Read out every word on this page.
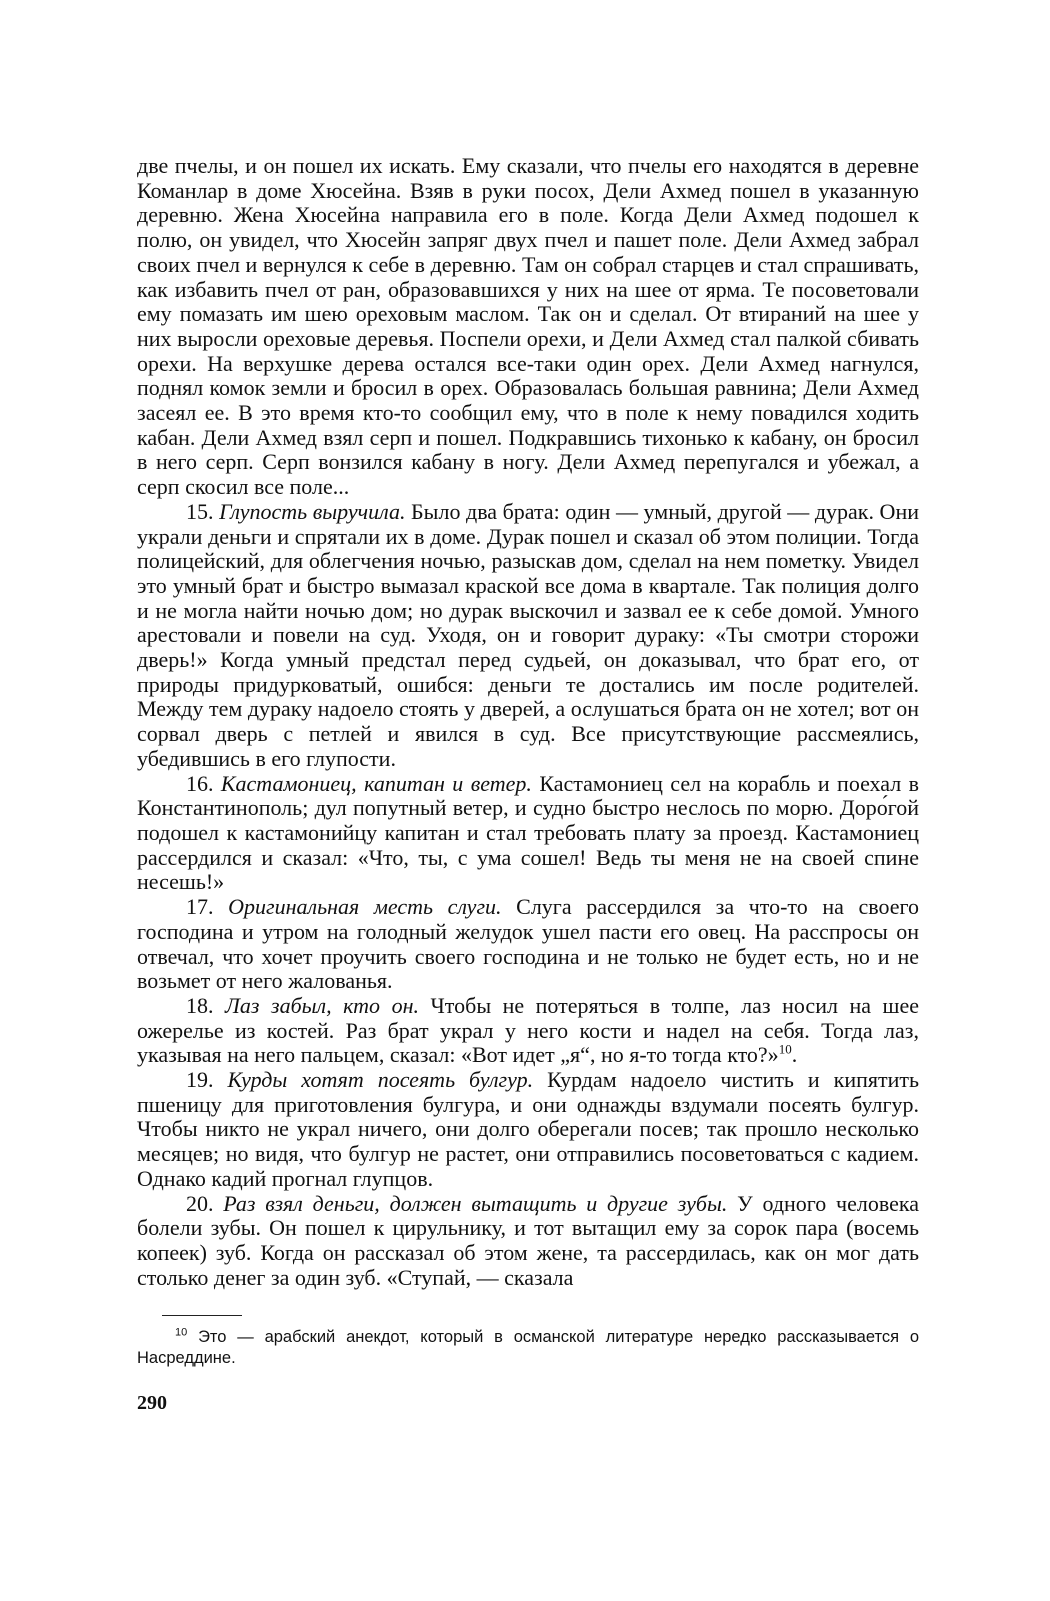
две пчелы, и он пошел их искать. Ему сказали, что пчелы его находятся в деревне Команлар в доме Хюсейна. Взяв в руки посох, Дели Ахмед пошел в указанную деревню. Жена Хюсейна направила его в поле. Когда Дели Ахмед подошел к полю, он увидел, что Хюсейн запряг двух пчел и пашет поле. Дели Ахмед забрал своих пчел и вернулся к себе в деревню. Там он собрал старцев и стал спрашивать, как избавить пчел от ран, образовавшихся у них на шее от ярма. Те посоветовали ему помазать им шею ореховым маслом. Так он и сделал. От втираний на шее у них выросли ореховые деревья. Поспели орехи, и Дели Ахмед стал палкой сбивать орехи. На верхушке дерева остался все-таки один орех. Дели Ахмед нагнулся, поднял комок земли и бросил в орех. Образовалась большая равнина; Дели Ахмед засеял ее. В это время кто-то сообщил ему, что в поле к нему повадился ходить кабан. Дели Ахмед взял серп и пошел. Подкравшись тихонько к кабану, он бросил в него серп. Серп вонзился кабану в ногу. Дели Ахмед перепугался и убежал, а серп скосил все поле...

15. Глупость выручила. Было два брата: один — умный, другой — дурак. Они украли деньги и спрятали их в доме. Дурак пошел и сказал об этом полиции. Тогда полицейский, для облегчения ночью, разыскав дом, сделал на нем пометку. Увидел это умный брат и быстро вымазал краской все дома в квартале. Так полиция долго и не могла найти ночью дом; но дурак выскочил и зазвал ее к себе домой. Умного арестовали и повели на суд. Уходя, он и говорит дураку: «Ты смотри сторожи дверь!» Когда умный предстал перед судьей, он доказывал, что брат его, от природы придурковатый, ошибся: деньги те достались им после родителей. Между тем дураку надоело стоять у дверей, а ослушаться брата он не хотел; вот он сорвал дверь с петлей и явился в суд. Все присутствующие рассмеялись, убедившись в его глупости.

16. Кастамониец, капитан и ветер. Кастамониец сел на корабль и поехал в Константинополь; дул попутный ветер, и судно быстро неслось по морю. Доро́гой подошел к кастамонийцу капитан и стал требовать плату за проезд. Кастамониец рассердился и сказал: «Что, ты, с ума сошел! Ведь ты меня не на своей спине несешь!»

17. Оригинальная месть слуги. Слуга рассердился за что-то на своего господина и утром на голодный желудок ушел пасти его овец. На расспросы он отвечал, что хочет проучить своего господина и не только не будет есть, но и не возьмет от него жалованья.

18. Лаз забыл, кто он. Чтобы не потеряться в толпе, лаз носил на шее ожерелье из костей. Раз брат украл у него кости и надел на себя. Тогда лаз, указывая на него пальцем, сказал: «Вот идет „я“, но я-то тогда кто?»$^{10}$.

19. Курды хотят посеять булгур. Курдам надоело чистить и кипятить пшеницу для приготовления булгура, и они однажды вздумали посеять булгур. Чтобы никто не украл ничего, они долго оберегали посев; так прошло несколько месяцев; но видя, что булгур не растет, они отправились посоветоваться с кадием. Однако кадий прогнал глупцов.

20. Раз взял деньги, должен вытащить и другие зубы. У одного человека болели зубы. Он пошел к цирульнику, и тот вытащил ему за сорок пара (восемь копеек) зуб. Когда он рассказал об этом жене, та рассердилась, как он мог дать столько денег за один зуб. «Ступай, — сказала

$^{10}$ Это — арабский анекдот, который в османской литературе нередко рассказывается о Насреддине.

290
